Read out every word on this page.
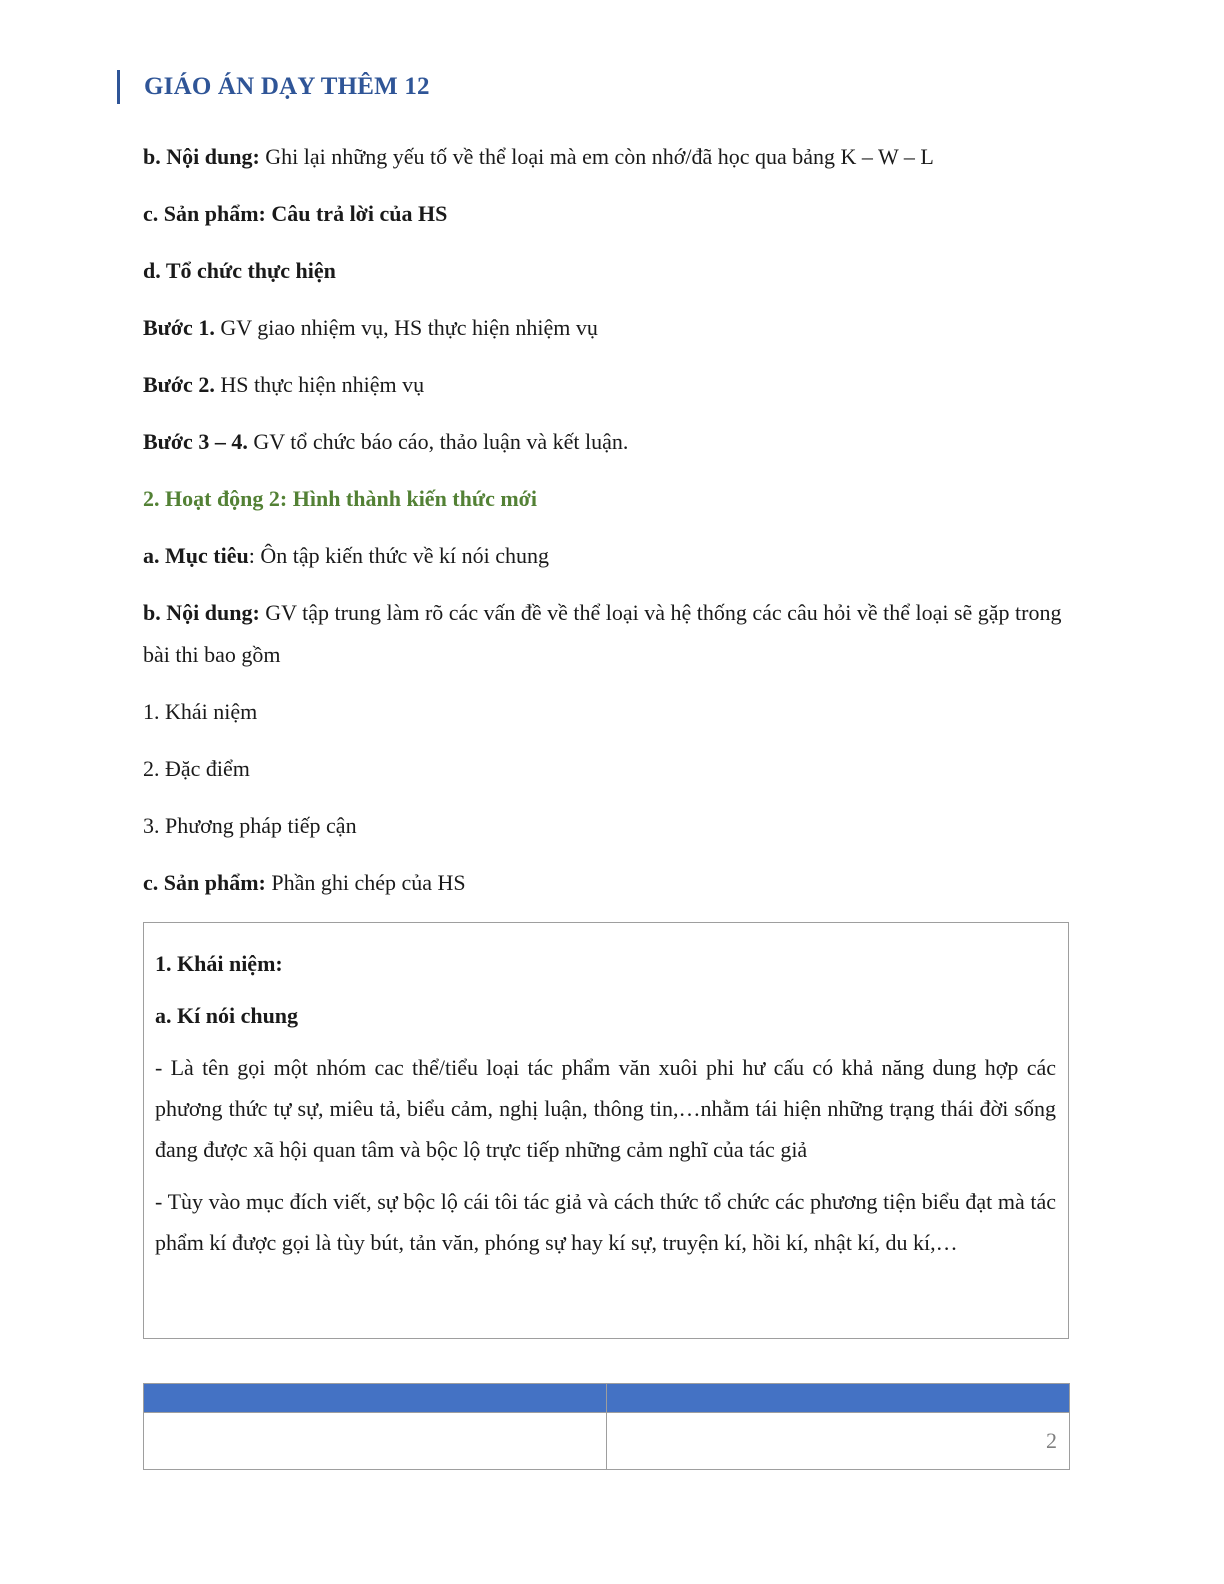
GIÁO ÁN DẠY THÊM 12

b. Nội dung: Ghi lại những yếu tố về thể loại mà em còn nhớ/đã học qua bảng K – W – L

c. Sản phẩm: Câu trả lời của HS

d. Tổ chức thực hiện

Bước 1. GV giao nhiệm vụ, HS thực hiện nhiệm vụ

Bước 2. HS thực hiện nhiệm vụ

Bước 3 – 4. GV tổ chức báo cáo, thảo luận và kết luận.

2. Hoạt động 2: Hình thành kiến thức mới

a. Mục tiêu: Ôn tập kiến thức về kí nói chung

b. Nội dung: GV tập trung làm rõ các vấn đề về thể loại và hệ thống các câu hỏi về thể loại sẽ gặp trong bài thi bao gồm

1. Khái niệm

2. Đặc điểm

3. Phương pháp tiếp cận

c. Sản phẩm: Phần ghi chép của HS

1. Khái niệm:

a. Kí nói chung

- Là tên gọi một nhóm cac thể/tiểu loại tác phẩm văn xuôi phi hư cấu có khả năng dung hợp các phương thức tự sự, miêu tả, biểu cảm, nghị luận, thông tin,…nhằm tái hiện những trạng thái đời sống đang được xã hội quan tâm và bộc lộ trực tiếp những cảm nghĩ của tác giả

- Tùy vào mục đích viết, sự bộc lộ cái tôi tác giả và cách thức tổ chức các phương tiện biểu đạt mà tác phẩm kí được gọi là tùy bút, tản văn, phóng sự hay kí sự, truyện kí, hồi kí, nhật kí, du kí,…

	2
